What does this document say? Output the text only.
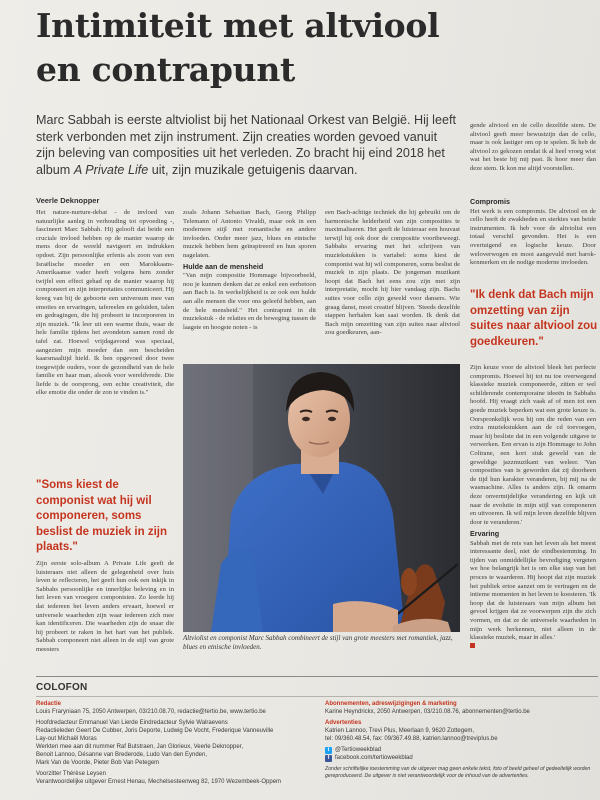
Intimiteit met altviool
en contrapunt
Marc Sabbah is eerste altviolist bij het Nationaal Orkest van België. Hij leeft sterk verbonden met zijn instrument. Zijn creaties worden gevoed vanuit zijn beleving van composities uit het verleden. Zo bracht hij eind 2018 het album A Private Life uit, zijn muzikale getuigenis daarvan.
Veerle Deknopper

Het nature-nurture-debat - de invloed van natuurlijke aanleg in verhouding tot opvoeding -, fascineert Marc Sabbah. Hij gelooft dat beide een cruciale invloed hebben op de manier waarop de mens door de wereld navigeert en indrukken opdoet. Zijn persoonlijke erfenis als zoon van een Israëlische moeder en een Marokkaans-Amerikaanse vader heeft volgens hem zonder twijfel een effect gehad op de manier waarop hij componeert en zijn interpretaties communiceert. Hij kreeg van bij de geboorte een universum mee van emoties en ervaringen, tafereelen en geluiden, talen en gedragingen, die hij probeert te incorporeren in zijn muziek. "Ik leer uit een warme thuis, waar de hele familie tijdens het avondeten samen rond de tafel zat. Hoewel vrijdagavond was speciaal, aangezien mijn moeder dan een bescheiden kaarsmaaltijd hield. Ik ben opgevoed door twee toegewijde ouders, voor de gezondheid van de hele familie en haar man, alsook voor wereldvrede. Die liefde is de oorsprong, een echte creativiteit, die elke emotie die onder de zon te vinden is."

"Soms kiest de componist wat hij wil componeren, soms beslist de muziek in zijn plaats."

Zijn eerste solo-album A Private Life geeft de luisteraars niet alleen de gelegenheid over huis leven te reflecteren, het geeft hun ook een inkijk in Sabbahs persoonlijke en innerlijke beleving en in het leven van vroegere componisten. Zo leerde hij dat iedereen het leven anders ervaart, hoewel er universele waarheden zijn waar iedereen zich mee kan identificeren. Die waarheden zijn de snaar die hij probeert te raken in het hart van het publiek. Sabbah componeert niet alleen in de stijl van grote meesters

zoals Johann Sebastian Bach, Georg Philipp Telemann of Antonio Vivaldi, maar ook in een modernere stijl met romantische en andere invloeden. Onder meer jazz, blues en etnische muziek hebben hem geïnspireerd en hun sporen nagelaten.

Hulde aan de mensheid

"Van mijn compositie Hommage bijvoorbeeld, nou je kunnen denken dat ze enkel een eerbetoon aan Bach is. In werkelijkheid is ze ook een hulde aan alle mensen die voor ons geleefd hebben, aan de hele mensheid." Het contrapunt in dit muziekstuk - de relaties en de beweging tussen de laagste en hoogste noten - is

een Bach-achtige techniek die hij gebruikt om de harmonische helderheid van zijn composities te maximaliseren. Het geeft de luisteraar een houvast terwijl hij ook door de compositie voortbeweegt. Sabbahs ervaring met het schrijven van muziekstukken is variabel: soms kiest de componist wat hij wil componeren, soms beslist de muziek in zijn plaats. De jongeman muzikant hoopt dat Bach het eens zou zijn met zijn interpretatie, mocht hij hier vandaag zijn. Bachs suites voor cello zijn geweld voor dansers. Wie graag danst, moet creatief blijven. 'Steeds dezelfde stappen herhalen kan saai worden. Ik denk dat Bach mijn omzetting van zijn suites naar altviool zou goedkeuren, aan-

gende altviool en de cello dezelfde stem. De altviool geeft meer bewustzijn dan de cello, maar is ook lastiger om op te spelen. Ik heb de altviool zo gekozen omdat ik al heel vroeg wist wat het beste bij mij past. Ik hoor meer dan deze stem. Ik kon me altijd voorstellen.

Compromis

Het werk is een compromis. De altviool en de cello heeft de zwakheden en sterktes van beide instrumenten. Ik heb voor de altviolist een totaal verschil gevonden. Het is een overtuigend en logische keuze. Door weloverwogen en mooi aangevuld met barok-kenmerken en de nodige moderne invloeden.

"Ik denk dat Bach mijn omzetting van zijn suites naar altviool zou goedkeuren."

Zijn keuze voor de altviool bleek het perfecte compromis. Hoewel hij tot nu toe overwegend klassieke muziek componeerde, zitten er wel schilderende contemporaine ideeën in Sabbahs hoofd. Hij vraagt zich vaak af of men tot een goede muziek beperken wat een grote keuze is. Oorspronkelijk wou hij om die reden van een extra muziekstukken aan de cd toevoegen, maar hij besliste dat in een volgende uitgave te verwerken. Een ervan is zijn Hommage to John Coltrane, een kort stuk geweld van de geweldige jazzmuzikant van weleer. 'Van composities van is geworden dat zij doorheen de tijd hun karakter veranderen, bij mij na de wasmachine. Alles is anders zijn. Ik omarm deze onvermijdelijke verandering en kijk uit naar de evolutie in mijn stijl van componeren en uitvoeren. Ik wil mijn leven dezelfde blijven door te veranderen.'

Ervaring

Sabbah met de reis van het leven als het meest interessante deel, niet de eindbestemming. In tijden van onmiddellijke bevrediging vergeten we hoe belangrijk het is om elke stap van het proces te waarderen. Hij hoopt dat zijn muziek het publiek ertoe aanzet om te vertragen en de intieme momenten in het leven te koesteren. 'Ik hoop dat de luisteraars van mijn album het gevoel krijgen dat ze voorwerpen zijn die zich vormen, en dat ze de universele waarheden in mijn werk herkennen, niet alleen in de klassieke muziek, maar in alles.'

Altviolist en componist Marc Sabbah combineert de stijl van grote meesters met romantiek, jazz, blues en etnische invloeden.
COLOFON
Redactie
Louis Fraryniaan 75, 2050 Antwerpen, 03/210.08.70, redactie@tertio.be, www.tertio.be
Hoofdredacteur Emmanuel Van Lierde Eindredacteur Sylvie Walraevens
Redactieleden Geert De Cubber, Joris Deporte, Ludwig De Vocht, Frederique Vanneuville
Lay-out Michaël Moras
Werkten mee aan dit nummer Raf Butstraen, Jan Glorieux, Veerle Deknopper,
Benoit Lannoo, Désanne van Brederode, Ludo Van den Eynden,
Mark Van de Voorde, Pieter Bob Van Petegem
Voorzitter Thérèse Leysen
Verantwoordelijke uitgever Ernest Henau, Mechelsesteenweg 82, 1970 Wezembeek-Oppem
Abonnementen, adreswijzigingen & marketing
Karine Heyndrickx, 2050 Antwerpen, 03/210.08.76, abonnementen@tertio.be
Advertenties
Katrien Lannoo, Trevi Plus, Meerlaan 9, 9620 Zottegem,
tel: 09/360.48.54, fax: 09/367.49.88, katrien.lannoo@trevipIus.be
t @Tertioweekblad
f facebook.com/tertioweekblad
Zonder schriftelijke toestemming van de uitgever mag geen enkele tekst, foto of beeld geheel of gedeeltelijk worden gereproduceerd. De uitgever is niet verantwoordelijk voor de inhoud van de advertenties.
